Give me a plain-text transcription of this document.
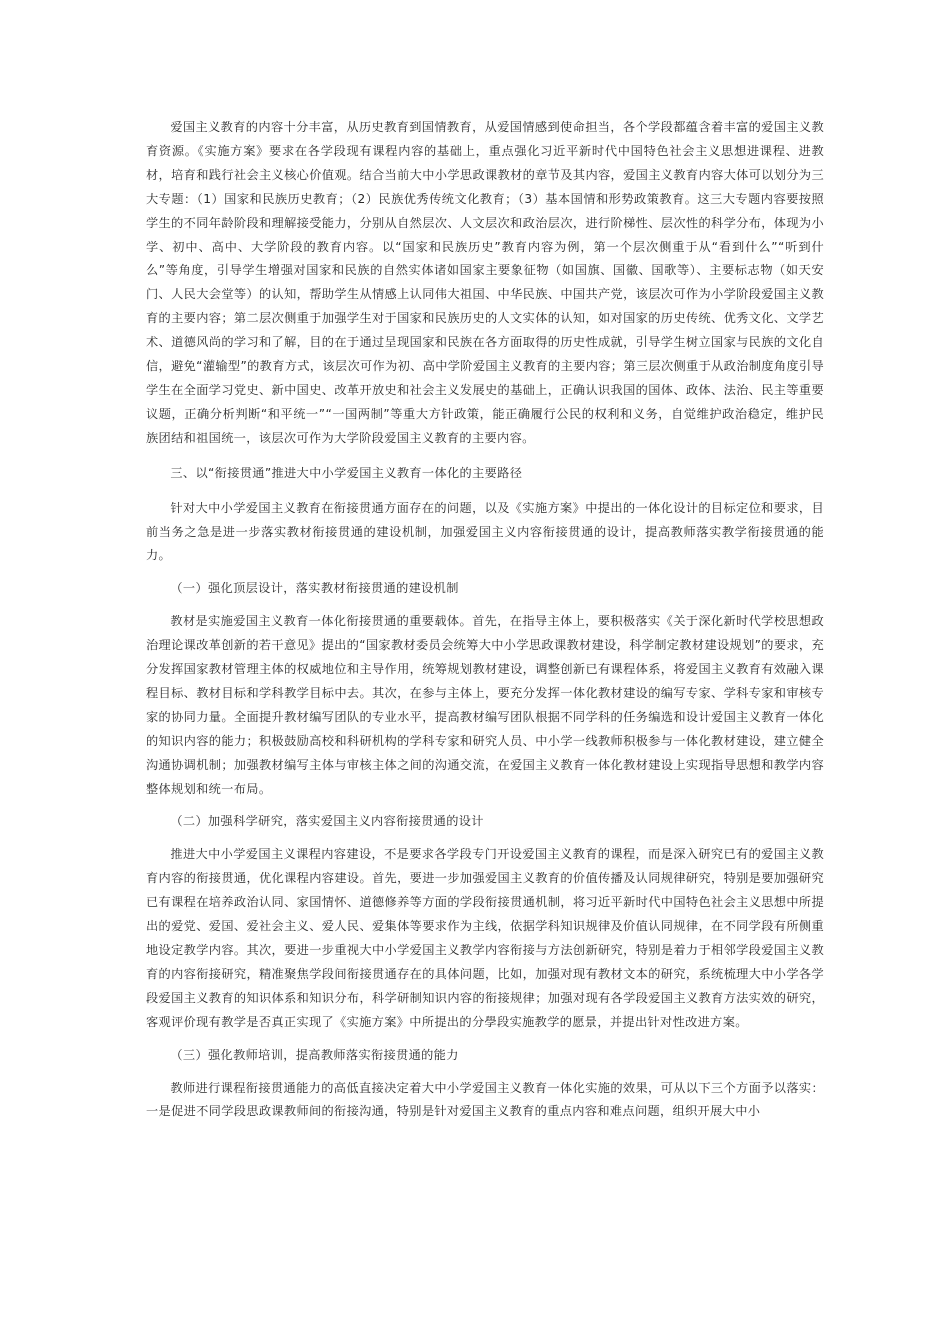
爱国主义教育的内容十分丰富，从历史教育到国情教育，从爱国情感到使命担当，各个学段都蕴含着丰富的爱国主义教育资源。《实施方案》要求在各学段现有课程内容的基础上，重点强化习近平新时代中国特色社会主义思想进课程、进教材，培育和践行社会主义核心价值观。结合当前大中小学思政课教材的章节及其内容，爱国主义教育内容大体可以划分为三大专题：（1）国家和民族历史教育；（2）民族优秀传统文化教育；（3）基本国情和形势政策教育。这三大专题内容要按照学生的不同年龄阶段和理解接受能力，分别从自然层次、人文层次和政治层次，进行阶梯性、层次性的科学分布，体现为小学、初中、高中、大学阶段的教育内容。以“国家和民族历史”教育内容为例，第一个层次侧重于从“看到什么”“听到什么”等角度，引导学生增强对国家和民族的自然实体诸如国家主要象征物（如国旗、国徽、国歌等）、主要标志物（如天安门、人民大会堂等）的认知，帮助学生从情感上认同伟大祖国、中华民族、中国共产党，该层次可作为小学阶段爱国主义教育的主要内容；第二层次侧重于加强学生对于国家和民族历史的人文实体的认知，如对国家的历史传统、优秀文化、文学艺术、道德风尚的学习和了解，目的在于通过呈现国家和民族在各方面取得的历史性成就，引导学生树立国家与民族的文化自信，避免“灌输型”的教育方式，该层次可作为初、高中学阶爱国主义教育的主要内容；第三层次侧重于从政治制度角度引导学生在全面学习党史、新中国史、改革开放史和社会主义发展史的基础上，正确认识我国的国体、政体、法治、民主等重要议题，正确分析判断“和平统一”“一国两制”等重大方针政策，能正确履行公民的权利和义务，自觉维护政治稳定，维护民族团结和祖国统一，该层次可作为大学阶段爱国主义教育的主要内容。

三、以“衔接贯通”推进大中小学爱国主义教育一体化的主要路径

针对大中小学爱国主义教育在衔接贯通方面存在的问题，以及《实施方案》中提出的一体化设计的目标定位和要求，目前当务之急是进一步落实教材衔接贯通的建设机制，加强爱国主义内容衔接贯通的设计，提高教师落实教学衔接贯通的能力。

（一）强化顶层设计，落实教材衔接贯通的建设机制

教材是实施爱国主义教育一体化衔接贯通的重要载体。首先，在指导主体上，要积极落实《关于深化新时代学校思想政治理论课改革创新的若干意见》提出的“国家教材委员会统筹大中小学思政课教材建设，科学制定教材建设规划”的要求，充分发挥国家教材管理主体的权威地位和主导作用，统筹规划教材建设，调整创新已有课程体系，将爱国主义教育有效融入课程目标、教材目标和学科教学目标中去。其次，在参与主体上，要充分发挥一体化教材建设的编写专家、学科专家和审核专家的协同力量。全面提升教材编写团队的专业水平，提高教材编写团队根据不同学科的任务编选和设计爱国主义教育一体化的知识内容的能力；积极鼓励高校和科研机构的学科专家和研究人员、中小学一线教师积极参与一体化教材建设，建立健全沟通协调机制；加强教材编写主体与审核主体之间的沟通交流，在爱国主义教育一体化教材建设上实现指导思想和教学内容整体规划和统一布局。

（二）加强科学研究，落实爱国主义内容衔接贯通的设计

推进大中小学爱国主义课程内容建设，不是要求各学段专门开设爱国主义教育的课程，而是深入研究已有的爱国主义教育内容的衔接贯通，优化课程内容建设。首先，要进一步加强爱国主义教育的价值传播及认同规律研究，特别是要加强研究已有课程在培养政治认同、家国情怀、道德修养等方面的学段衔接贯通机制，将习近平新时代中国特色社会主义思想中所提出的爱党、爱国、爱社会主义、爱人民、爱集体等要求作为主线，依据学科知识规律及价值认同规律，在不同学段有所侧重地设定教学内容。其次，要进一步重视大中小学爱国主义教学内容衔接与方法创新研究，特别是着力于相邻学段爱国主义教育的内容衔接研究，精准聚焦学段间衔接贯通存在的具体问题，比如，加强对现有教材文本的研究，系统梳理大中小学各学段爱国主义教育的知识体系和知识分布，科学研制知识内容的衔接规律；加强对现有各学段爱国主义教育方法实效的研究，客观评价现有教学是否真正实现了《实施方案》中所提出的分學段实施教学的愿景，并提出针对性改进方案。

（三）强化教师培训，提高教师落实衔接贯通的能力

教师进行课程衔接贯通能力的高低直接决定着大中小学爱国主义教育一体化实施的效果，可从以下三个方面予以落实：一是促进不同学段思政课教师间的衔接沟通，特别是针对爱国主义教育的重点内容和难点问题，组织开展大中小
